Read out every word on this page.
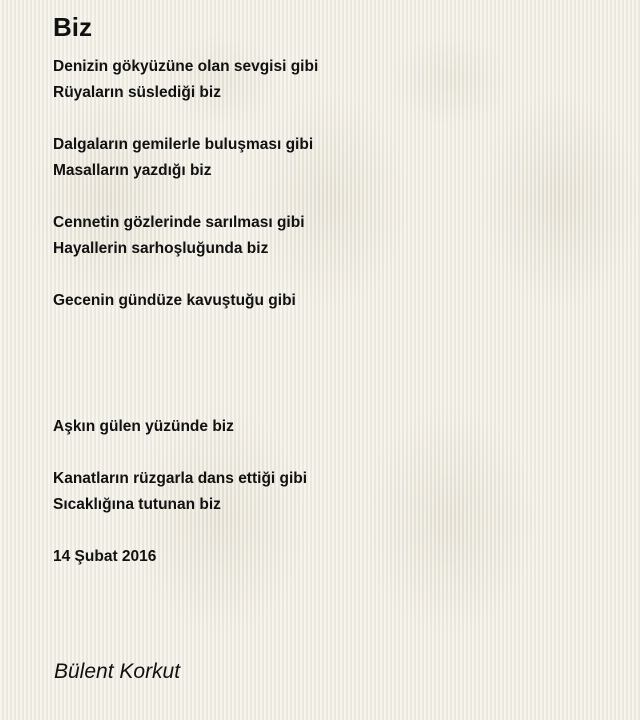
Biz
Denizin gökyüzüne olan sevgisi gibi
Rüyaların süslediği biz
Dalgaların gemilerle buluşması gibi
Masalların yazdığı biz
Cennetin gözlerinde sarılması gibi
Hayallerin sarhoşluğunda biz
Gecenin gündüze kavuştuğu gibi
Aşkın gülen yüzünde biz
Kanatların rüzgarla dans ettiği gibi
Sıcaklığına tutunan biz
14 Şubat 2016
Bülent Korkut
